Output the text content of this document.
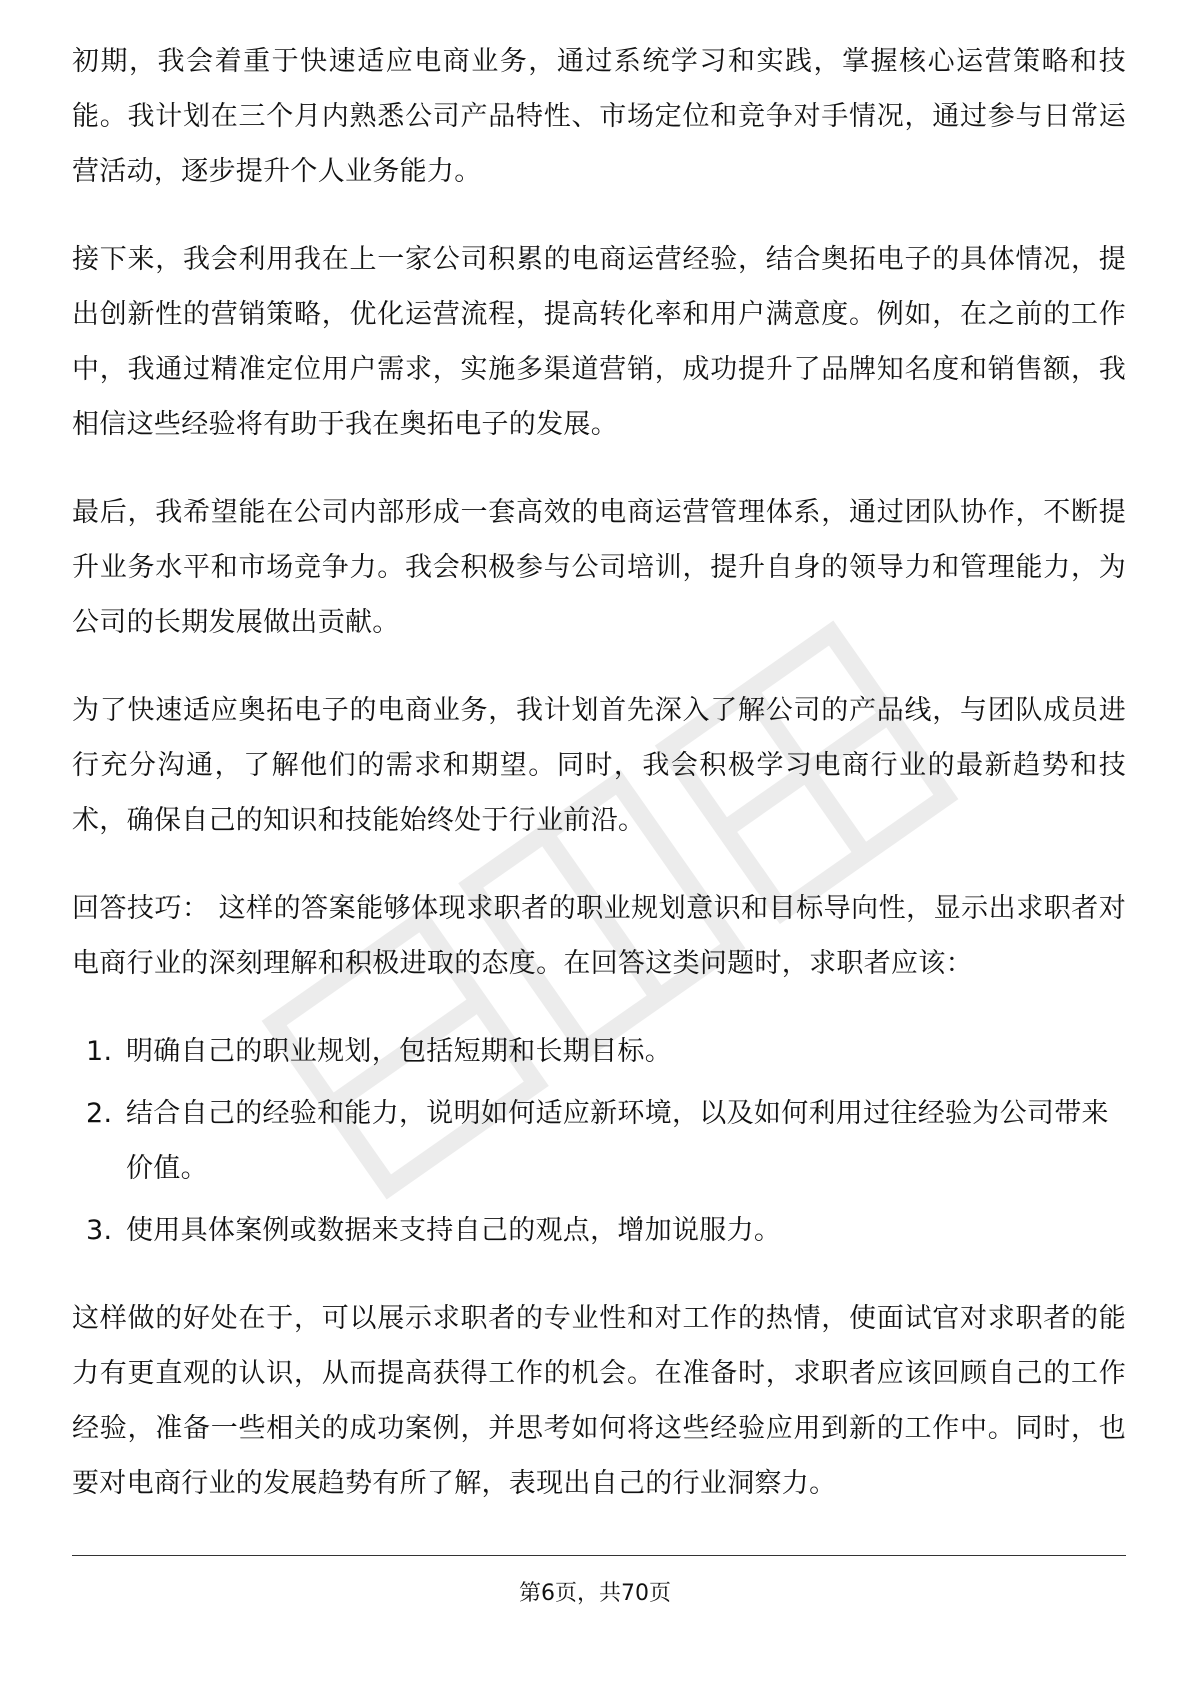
初期，我会着重于快速适应电商业务，通过系统学习和实践，掌握核心运营策略和技能。我计划在三个月内熟悉公司产品特性、市场定位和竞争对手情况，通过参与日常运营活动，逐步提升个人业务能力。

接下来，我会利用我在上一家公司积累的电商运营经验，结合奥拓电子的具体情况，提出创新性的营销策略，优化运营流程，提高转化率和用户满意度。例如，在之前的工作中，我通过精准定位用户需求，实施多渠道营销，成功提升了品牌知名度和销售额，我相信这些经验将有助于我在奥拓电子的发展。

最后，我希望能在公司内部形成一套高效的电商运营管理体系，通过团队协作，不断提升业务水平和市场竞争力。我会积极参与公司培训，提升自身的领导力和管理能力，为公司的长期发展做出贡献。

为了快速适应奥拓电子的电商业务，我计划首先深入了解公司的产品线，与团队成员进行充分沟通，了解他们的需求和期望。同时，我会积极学习电商行业的最新趋势和技术，确保自己的知识和技能始终处于行业前沿。

回答技巧： 这样的答案能够体现求职者的职业规划意识和目标导向性，显示出求职者对电商行业的深刻理解和积极进取的态度。在回答这类问题时，求职者应该：

1. 明确自己的职业规划，包括短期和长期目标。
2. 结合自己的经验和能力，说明如何适应新环境，以及如何利用过往经验为公司带来价值。
3. 使用具体案例或数据来支持自己的观点，增加说服力。

这样做的好处在于，可以展示求职者的专业性和对工作的热情，使面试官对求职者的能力有更直观的认识，从而提高获得工作的机会。在准备时，求职者应该回顾自己的工作经验，准备一些相关的成功案例，并思考如何将这些经验应用到新的工作中。同时，也要对电商行业的发展趋势有所了解，表现出自己的行业洞察力。

第6页，共70页
